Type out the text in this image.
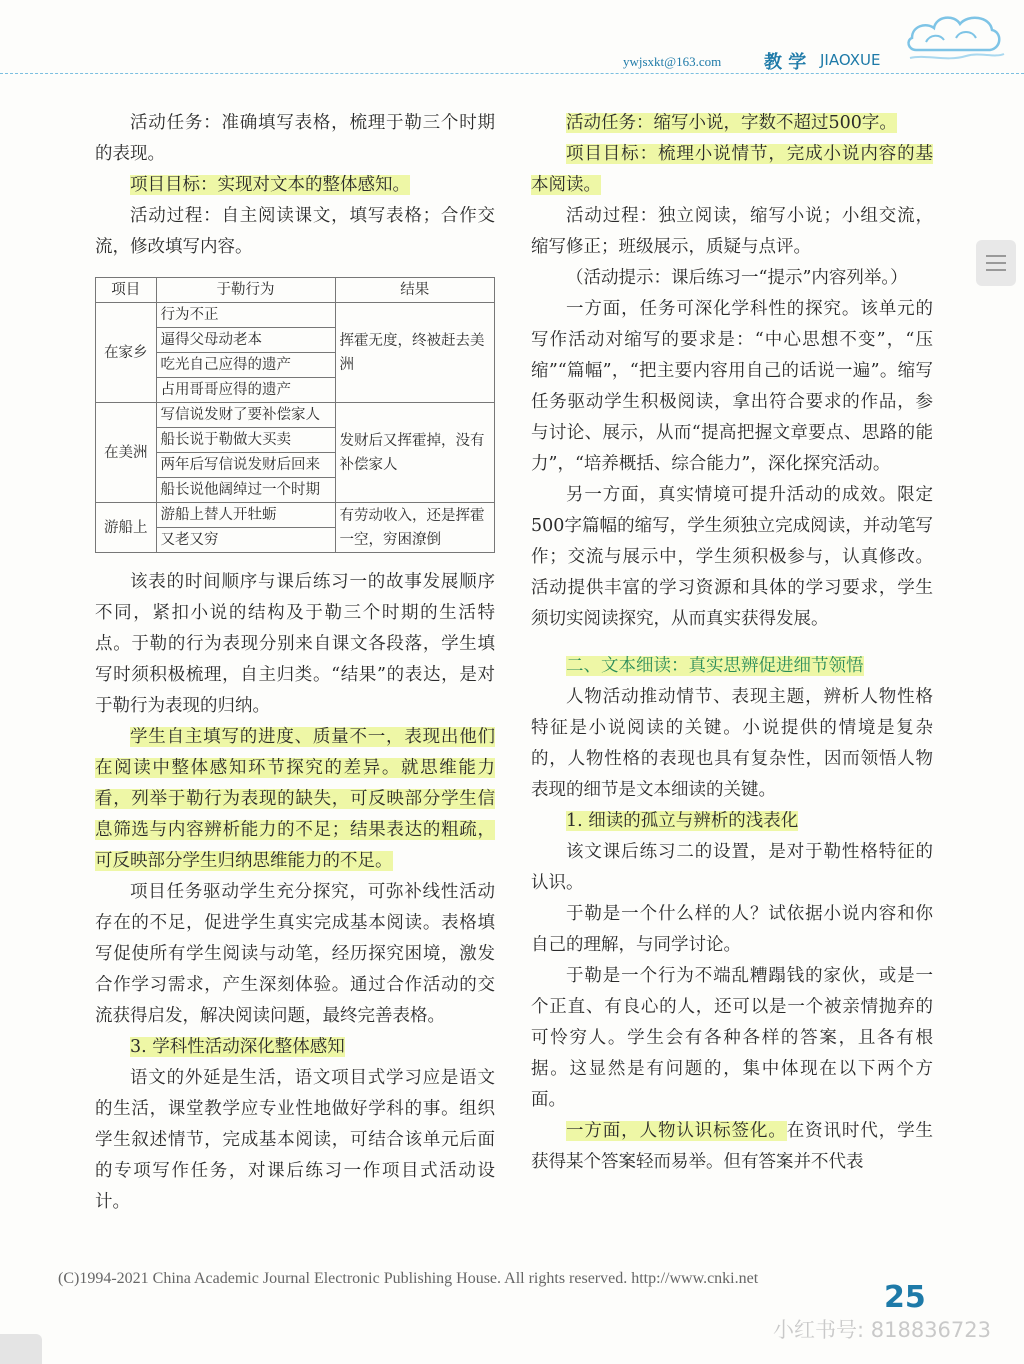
ywjsxkt@163.com 教 学 JIAOXUE

活动任务：准确填写表格，梳理于勒三个时期的表现。

项目目标：实现对文本的整体感知。

活动过程：自主阅读课文，填写表格；合作交流，修改填写内容。

项目	于勒行为	结果
在家乡	行为不正	挥霍无度，终被赶去美洲
	逼得父母动老本	
	吃光自己应得的遗产	
	占用哥哥应得的遗产	
在美洲	写信说发财了要补偿家人	发财后又挥霍掉，没有补偿家人
	船长说于勒做大买卖	
	两年后写信说发财后回来	
	船长说他阔绰过一个时期	
游船上	游船上替人开牡蛎	有劳动收入，还是挥霍一空，穷困潦倒
	又老又穷	

该表的时间顺序与课后练习一的故事发展顺序不同，紧扣小说的结构及于勒三个时期的生活特点。于勒的行为表现分别来自课文各段落，学生填写时须积极梳理，自主归类。“结果”的表达，是对于勒行为表现的归纳。

学生自主填写的进度、质量不一，表现出他们在阅读中整体感知环节探究的差异。就思维能力看，列举于勒行为表现的缺失，可反映部分学生信息筛选与内容辨析能力的不足；结果表达的粗疏，可反映部分学生归纳思维能力的不足。

项目任务驱动学生充分探究，可弥补线性活动存在的不足，促进学生真实完成基本阅读。表格填写促使所有学生阅读与动笔，经历探究困境，激发合作学习需求，产生深刻体验。通过合作活动的交流获得启发，解决阅读问题，最终完善表格。

3. 学科性活动深化整体感知

语文的外延是生活，语文项目式学习应是语文的生活，课堂教学应专业性地做好学科的事。组织学生叙述情节，完成基本阅读，可结合该单元后面的专项写作任务，对课后练习一作项目式活动设计。

活动任务：缩写小说，字数不超过500字。

项目目标：梳理小说情节，完成小说内容的基本阅读。

活动过程：独立阅读，缩写小说；小组交流，缩写修正；班级展示，质疑与点评。

（活动提示：课后练习一“提示”内容列举。）

一方面，任务可深化学科性的探究。该单元的写作活动对缩写的要求是：“中心思想不变”，“压缩”“篇幅”，“把主要内容用自己的话说一遍”。缩写任务驱动学生积极阅读，拿出符合要求的作品，参与讨论、展示，从而“提高把握文章要点、思路的能力”，“培养概括、综合能力”，深化探究活动。

另一方面，真实情境可提升活动的成效。限定500字篇幅的缩写，学生须独立完成阅读，并动笔写作；交流与展示中，学生须积极参与，认真修改。活动提供丰富的学习资源和具体的学习要求，学生须切实阅读探究，从而真实获得发展。

二、文本细读：真实思辨促进细节领悟

人物活动推动情节、表现主题，辨析人物性格特征是小说阅读的关键。小说提供的情境是复杂的，人物性格的表现也具有复杂性，因而领悟人物表现的细节是文本细读的关键。

1. 细读的孤立与辨析的浅表化

该文课后练习二的设置，是对于勒性格特征的认识。

于勒是一个什么样的人？试依据小说内容和你自己的理解，与同学讨论。

于勒是一个行为不端乱糟蹋钱的家伙，或是一个正直、有良心的人，还可以是一个被亲情抛弃的可怜穷人。学生会有各种各样的答案，且各有根据。这显然是有问题的，集中体现在以下两个方面。

一方面，人物认识标签化。在资讯时代，学生获得某个答案轻而易举。但有答案并不代表

(C)1994-2021 China Academic Journal Electronic Publishing House. All rights reserved. http://www.cnki.net
25
小红书号: 818836723
